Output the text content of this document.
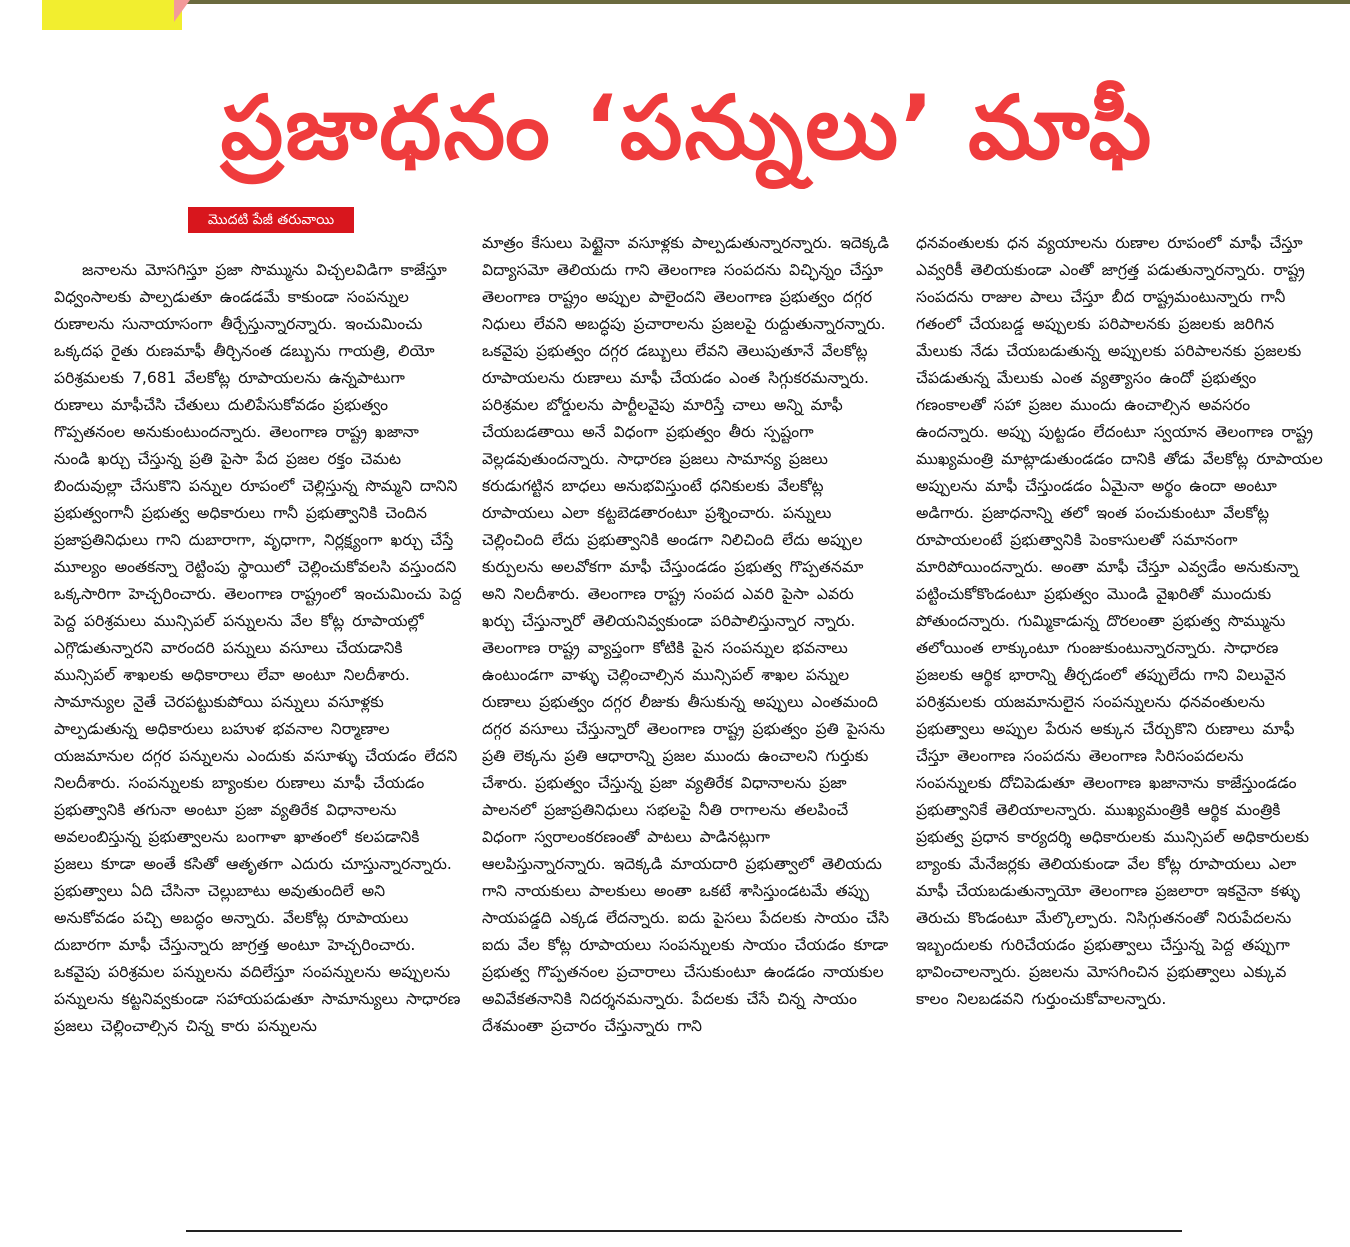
ప్రజాధనం ‘పన్నులు’ మాఫీ
మొదటి పేజీ తరువాయి

జనాలను మోసగిస్తూ ప్రజా సొమ్మును విచ్చలవిడిగా కాజేస్తూ విధ్వంసాలకు పాల్పడుతూ ఉండడమే కాకుండా సంపన్నుల రుణాలను సునాయాసంగా తీర్చేస్తున్నారన్నారు. ఇంచుమించు ఒక్కదఫ రైతు రుణమాఫీ తీర్చినంత డబ్బును గాయత్రి, లియో పరిశ్రమలకు 7,681 వేలకోట్ల రూపాయలను ఉన్నపాటుగా రుణాలు మాఫీచేసి చేతులు దులిపేసుకోవడం ప్రభుత్వం గొప్పతనంల అనుకుంటుందన్నారు. తెలంగాణ రాష్ట్ర ఖజానా నుండి ఖర్చు చేస్తున్న ప్రతి పైసా పేద ప్రజల రక్తం చెమట బిందువుల్లా చేసుకొని పన్నుల రూపంలో చెల్లిస్తున్న సొమ్మని దానిని ప్రభుత్వంగానీ ప్రభుత్వ అధికారులు గానీ ప్రభుత్వానికి చెందిన ప్రజాప్రతినిధులు గాని దుబారాగా, వృధాగా, నిర్లక్ష్యంగా ఖర్చు చేస్తే మూల్యం అంతకన్నా రెట్టింపు స్థాయిలో చెల్లించుకోవలసి వస్తుందని ఒక్కసారిగా హెచ్చరించారు. తెలంగాణ రాష్ట్రంలో ఇంచుమించు పెద్ద పెద్ద పరిశ్రమలు మున్సిపల్ పన్నులను వేల కోట్ల రూపాయల్లో ఎగ్గొడుతున్నారని వారందరి పన్నులు వసూలు చేయడానికి మున్సిపల్ శాఖలకు అధికారాలు లేవా అంటూ నిలదీశారు. సామాన్యుల నైతే చెరపట్టుకుపోయి పన్నులు వసూళ్లకు పాల్పడుతున్న అధికారులు బహుళ భవనాల నిర్మాణాల యజమానుల దగ్గర పన్నులను ఎందుకు వసూళ్ళు చేయడం లేదని నిలదీశారు. సంపన్నులకు బ్యాంకుల రుణాలు మాఫీ చేయడం ప్రభుత్వానికి తగునా అంటూ ప్రజా వ్యతిరేక విధానాలను అవలంబిస్తున్న ప్రభుత్వాలను బంగాళా ఖాతంలో కలపడానికి ప్రజలు కూడా అంతే కసితో ఆతృతగా ఎదురు చూస్తున్నారన్నారు. ప్రభుత్వాలు ఏది చేసినా చెల్లుబాటు అవుతుందిలే అని అనుకోవడం పచ్చి అబద్ధం అన్నారు. వేలకోట్ల రూపాయలు దుబారగా మాఫీ చేస్తున్నారు జాగ్రత్త అంటూ హెచ్చరించారు. ఒకవైపు పరిశ్రమల పన్నులను వదిలేస్తూ సంపన్నులను అప్పులను పన్నులను కట్టనివ్వకుండా సహాయపడుతూ సామాన్యులు సాధారణ ప్రజలు చెల్లించాల్సిన చిన్న కారు పన్నులను

మాత్రం కేసులు పెట్టైనా వసూళ్లకు పాల్పడుతున్నారన్నారు. ఇదెక్కడి విద్యాసమో తెలియదు గాని తెలంగాణ సంపదను విచ్ఛిన్నం చేస్తూ తెలంగాణ రాష్ట్రం అప్పుల పాలైందని తెలంగాణ ప్రభుత్వం దగ్గర నిధులు లేవని అబద్ధపు ప్రచారాలను ప్రజలపై రుద్దుతున్నారన్నారు. ఒకవైపు ప్రభుత్వం దగ్గర డబ్బులు లేవని తెలుపుతూనే వేలకోట్ల రూపాయలను రుణాలు మాఫీ చేయడం ఎంత సిగ్గుకరమన్నారు. పరిశ్రమల బోర్డులను పార్టీలవైపు మారిస్తే చాలు అన్ని మాఫీ చేయబడతాయి అనే విధంగా ప్రభుత్వం తీరు స్పష్టంగా వెల్లడవుతుందన్నారు. సాధారణ ప్రజలు సామాన్య ప్రజలు కరుడుగట్టిన బాధలు అనుభవిస్తుంటే ధనికులకు వేలకోట్ల రూపాయలు ఎలా కట్టబెడతారంటూ ప్రశ్నించారు. పన్నులు చెల్లించింది లేదు ప్రభుత్వానికి అండగా నిలిచింది లేదు అప్పుల కుర్పులను అలవోకగా మాఫీ చేస్తుండడం ప్రభుత్వ గొప్పతనమా అని నిలదీశారు. తెలంగాణ రాష్ట్ర సంపద ఎవరి పైసా ఎవరు ఖర్చు చేస్తున్నారో తెలియనివ్వకుండా పరిపాలిస్తున్నార న్నారు. తెలంగాణ రాష్ట్ర వ్యాప్తంగా కోటికి పైన సంపన్నుల భవనాలు ఉంటుండగా వాళ్ళు చెల్లించాల్సిన మున్సిపల్ శాఖల పన్నుల రుణాలు ప్రభుత్వం దగ్గర లీజుకు తీసుకున్న అప్పులు ఎంతమంది దగ్గర వసూలు చేస్తున్నారో తెలంగాణ రాష్ట్ర ప్రభుత్వం ప్రతి పైసను ప్రతి లెక్కను ప్రతి ఆధారాన్ని ప్రజల ముందు ఉంచాలని గుర్తుకు చేశారు. ప్రభుత్వం చేస్తున్న ప్రజా వ్యతిరేక విధానాలను ప్రజా పాలనలో ప్రజాప్రతినిధులు సభలపై నీతి రాగాలను తలపించే విధంగా స్వరాలంకరణంతో పాటలు పాడినట్లుగా ఆలపిస్తున్నారన్నారు. ఇదెక్కడి మాయదారి ప్రభుత్వాలో తెలియదు గాని నాయకులు పాలకులు అంతా ఒకటే శాసిస్తుండటమే తప్పు సాయపడ్డది ఎక్కడ లేదన్నారు. ఐదు పైసలు పేదలకు సాయం చేసి ఐదు వేల కోట్ల రూపాయలు సంపన్నులకు సాయం చేయడం కూడా ప్రభుత్వ గొప్పతనంల ప్రచారాలు చేసుకుంటూ ఉండడం నాయకుల అవివేకతనానికి నిదర్శనమన్నారు. పేదలకు చేసే చిన్న సాయం దేశమంతా ప్రచారం చేస్తున్నారు గాని

ధనవంతులకు ధన వ్యయాలను రుణాల రూపంలో మాఫీ చేస్తూ ఎవ్వరికీ తెలియకుండా ఎంతో జాగ్రత్త పడుతున్నారన్నారు. రాష్ట్ర సంపదను రాజుల పాలు చేస్తూ బీద రాష్ట్రమంటున్నారు గానీ గతంలో చేయబడ్డ అప్పులకు పరిపాలనకు ప్రజలకు జరిగిన మేలుకు నేడు చేయబడుతున్న అప్పులకు పరిపాలనకు ప్రజలకు చేపడుతున్న మేలుకు ఎంత వ్యత్యాసం ఉందో ప్రభుత్వం గణంకాలతో సహా ప్రజల ముందు ఉంచాల్సిన అవసరం ఉందన్నారు. అప్పు పుట్టడం లేదంటూ స్వయాన తెలంగాణ రాష్ట్ర ముఖ్యమంత్రి మాట్లాడుతుండడం దానికి తోడు వేలకోట్ల రూపాయల అప్పులను మాఫీ చేస్తుండడం ఏమైనా అర్థం ఉందా అంటూ అడిగారు. ప్రజాధనాన్ని తలో ఇంత పంచుకుంటూ వేలకోట్ల రూపాయలంటే ప్రభుత్వానికి పెంకాసులతో సమానంగా మారిపోయిందన్నారు. అంతా మాఫీ చేస్తూ ఎవ్వడేం అనుకున్నా పట్టించుకోకొండంటూ ప్రభుత్వం మొండి వైఖరితో ముందుకు పోతుందన్నారు. గుమ్మికాడున్న దొరలంతా ప్రభుత్వ సొమ్మును తలోయింత లాక్కుంటూ గుంజుకుంటున్నారన్నారు. సాధారణ ప్రజలకు ఆర్థిక భారాన్ని తీర్చడంలో తప్పులేదు గాని విలువైన పరిశ్రమలకు యజమానులైన సంపన్నులను ధనవంతులను ప్రభుత్వాలు అప్పుల పేరున అక్కున చేర్చుకొని రుణాలు మాఫీ చేస్తూ తెలంగాణ సంపదను తెలంగాణ సిరిసంపదలను సంపన్నులకు దోచిపెడుతూ తెలంగాణ ఖజానాను కాజేస్తుండడం ప్రభుత్వానికే తెలియాలన్నారు. ముఖ్యమంత్రికి ఆర్థిక మంత్రికి ప్రభుత్వ ప్రధాన కార్యదర్శి అధికారులకు మున్సిపల్ అధికారులకు బ్యాంకు మేనేజర్లకు తెలియకుండా వేల కోట్ల రూపాయలు ఎలా మాఫీ చేయబడుతున్నాయో తెలంగాణ ప్రజలారా ఇకనైనా కళ్ళు తెరుచు కొండంటూ మేల్కొల్పారు. నిసిగ్గుతనంతో నిరుపేదలను ఇబ్బందులకు గురిచేయడం ప్రభుత్వాలు చేస్తున్న పెద్ద తప్పుగా భావించాలన్నారు. ప్రజలను మోసగించిన ప్రభుత్వాలు ఎక్కువ కాలం నిలబడవని గుర్తుంచుకోవాలన్నారు.
